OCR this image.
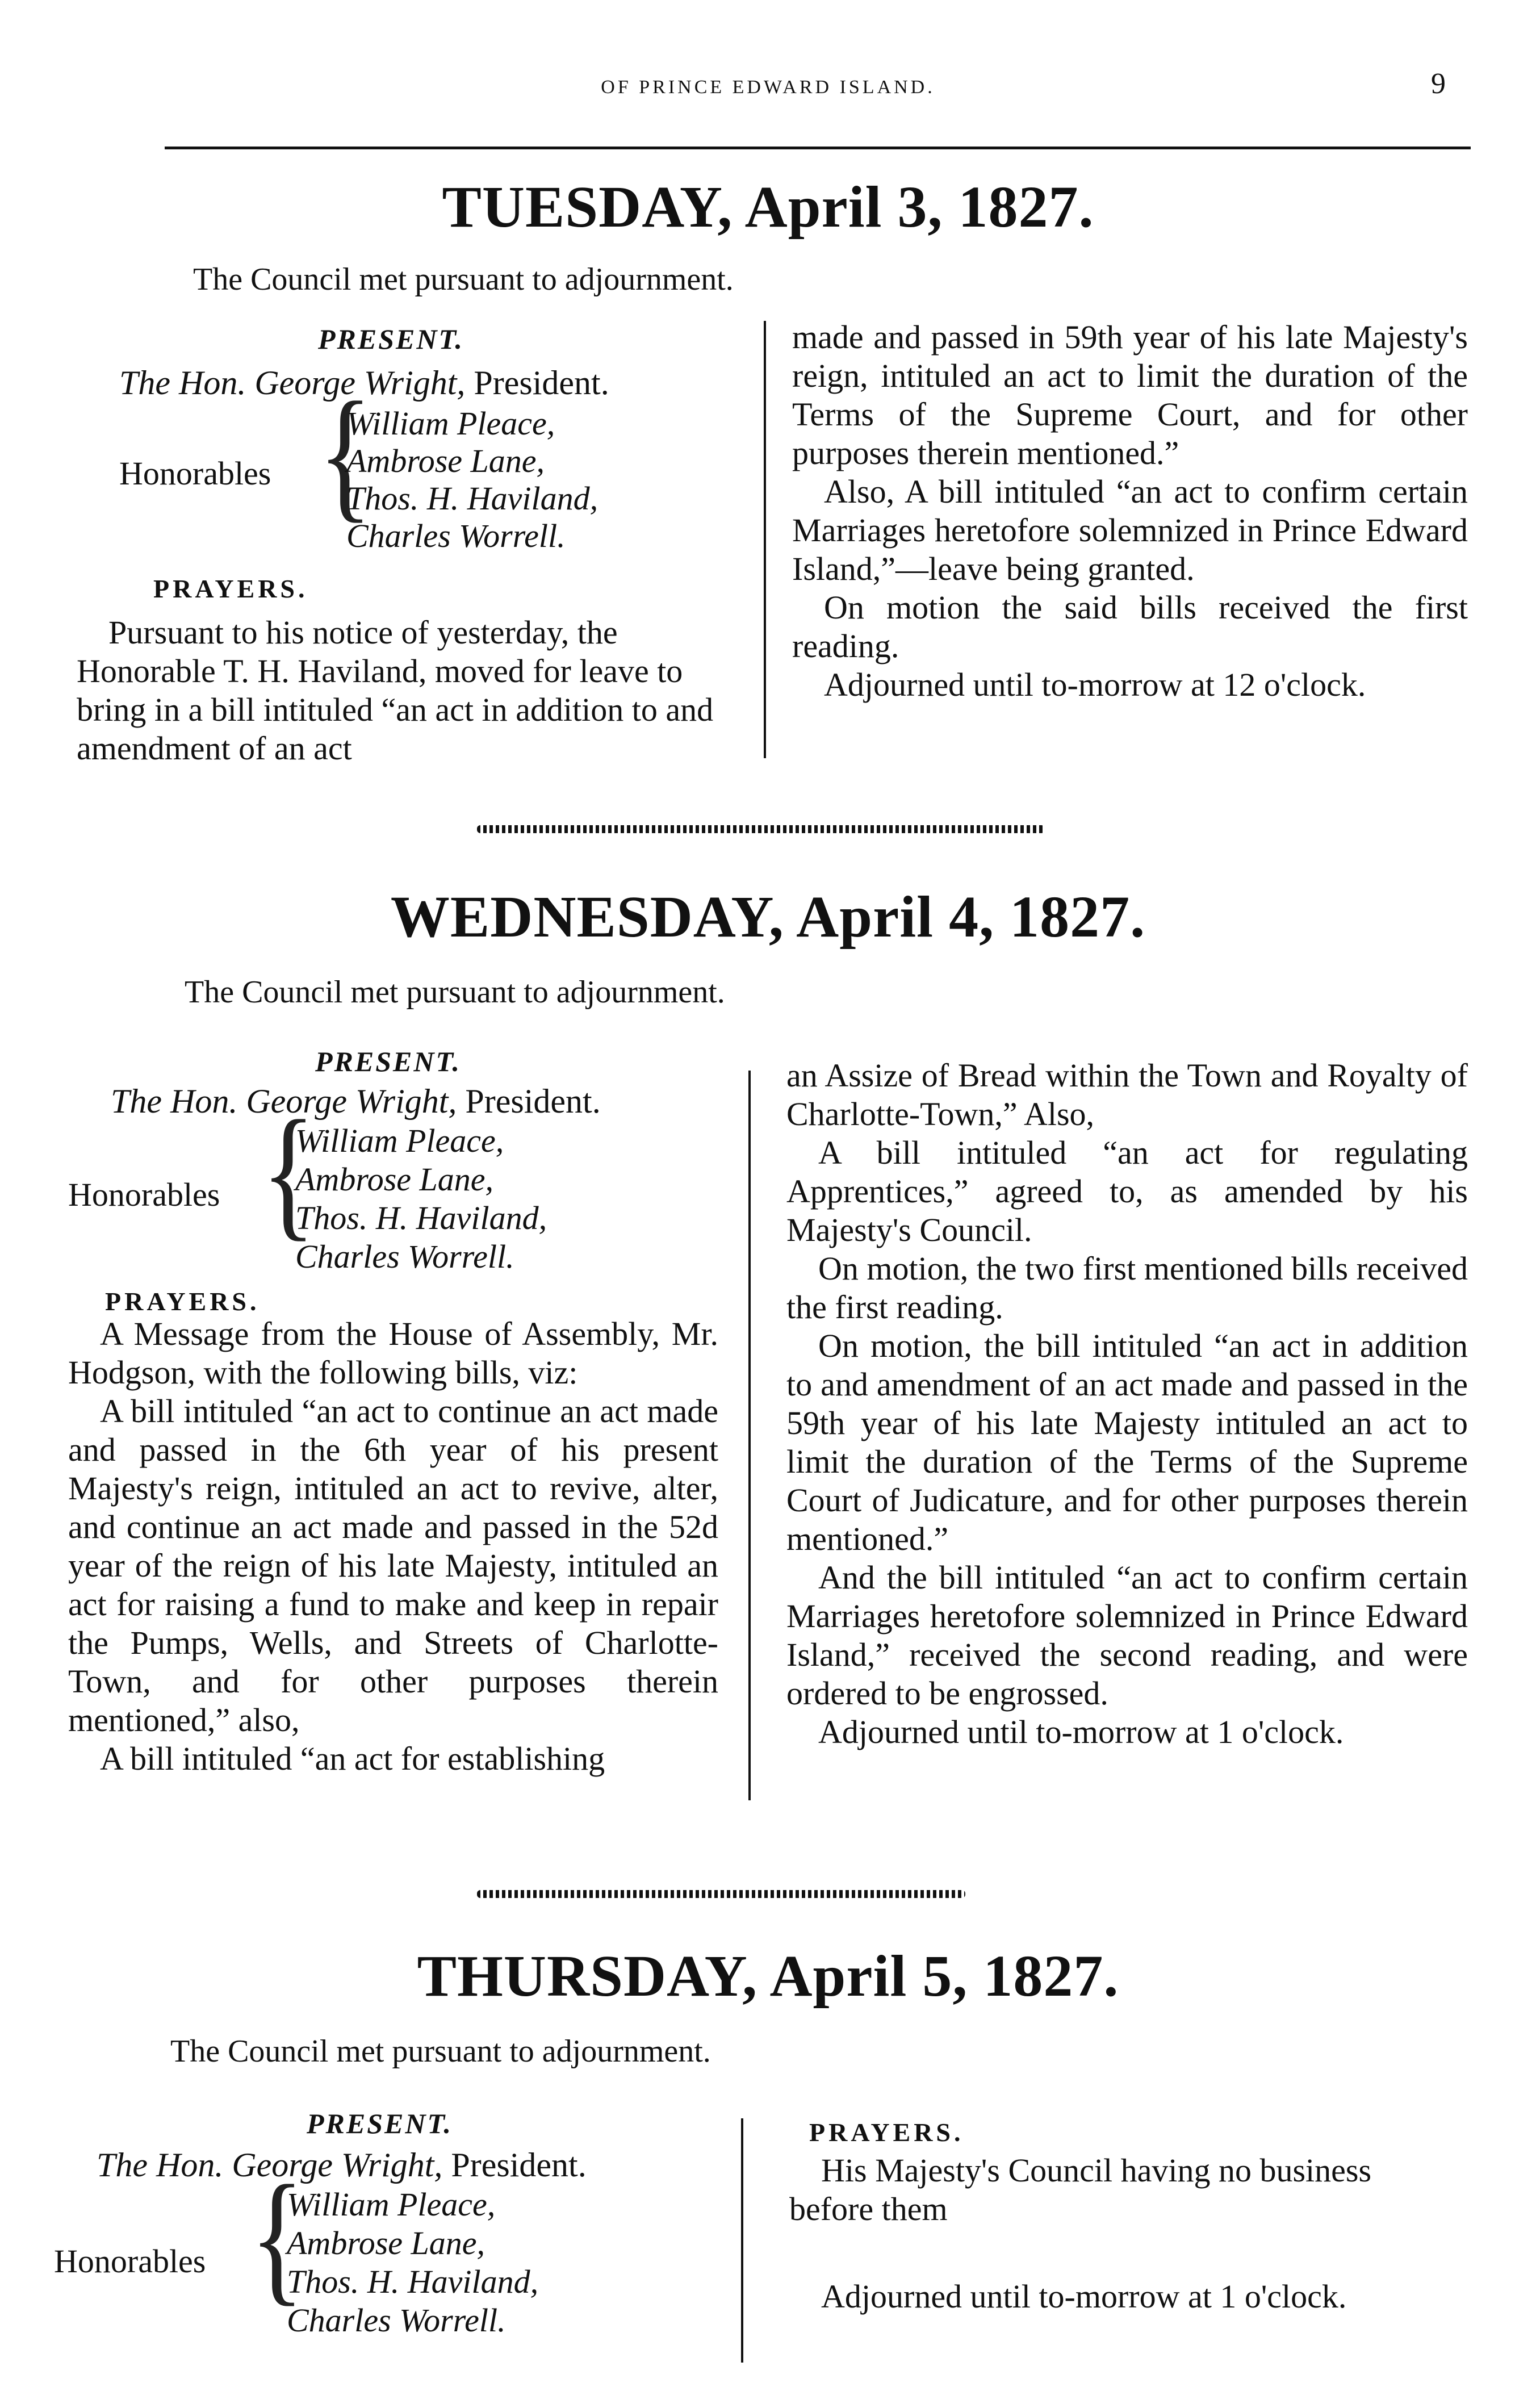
OF PRINCE EDWARD ISLAND.	9
TUESDAY, April 3, 1827.
The Council met pursuant to adjournment.
PRESENT.
The Hon. George Wright, President.
Honorables {
William Pleace,
Ambrose Lane,
Thos. H. Haviland,
Charles Worrell.
PRAYERS.

Pursuant to his notice of yesterday, the Honorable T. H. Haviland, moved for leave to bring in a bill intituled “an act in addition to and amendment of an act

made and passed in 59th year of his late Majesty's reign, intituled an act to limit the duration of the Terms of the Supreme Court, and for other purposes therein mentioned.”

Also, A bill intituled “an act to confirm certain Marriages heretofore solemnized in Prince Edward Island,”—leave being granted.

On motion the said bills received the first reading.

Adjourned until to-morrow at 12 o'clock.

WEDNESDAY, April 4, 1827.
The Council met pursuant to adjournment.
PRESENT.
The Hon. George Wright, President.
Honorables {
William Pleace,
Ambrose Lane,
Thos. H. Haviland,
Charles Worrell.
PRAYERS.

A Message from the House of Assembly, Mr. Hodgson, with the following bills, viz:

A bill intituled “an act to continue an act made and passed in the 6th year of his present Majesty's reign, intituled an act to revive, alter, and continue an act made and passed in the 52d year of the reign of his late Majesty, intituled an act for raising a fund to make and keep in repair the Pumps, Wells, and Streets of Charlotte-Town, and for other purposes therein mentioned,” also,

A bill intituled “an act for establishing

an Assize of Bread within the Town and Royalty of Charlotte-Town,” Also,

A bill intituled “an act for regulating Apprentices,” agreed to, as amended by his Majesty's Council.

On motion, the two first mentioned bills received the first reading.

On motion, the bill intituled “an act in addition to and amendment of an act made and passed in the 59th year of his late Majesty intituled an act to limit the duration of the Terms of the Supreme Court of Judicature, and for other purposes therein mentioned.”

And the bill intituled “an act to confirm certain Marriages heretofore solemnized in Prince Edward Island,” received the second reading, and were ordered to be engrossed.

Adjourned until to-morrow at 1 o'clock.

THURSDAY, April 5, 1827.
The Council met pursuant to adjournment.
PRESENT.
The Hon. George Wright, President.
Honorables {
William Pleace,
Ambrose Lane,
Thos. H. Haviland,
Charles Worrell.
PRAYERS.

His Majesty's Council having no business before them

Adjourned until to-morrow at 1 o'clock.
